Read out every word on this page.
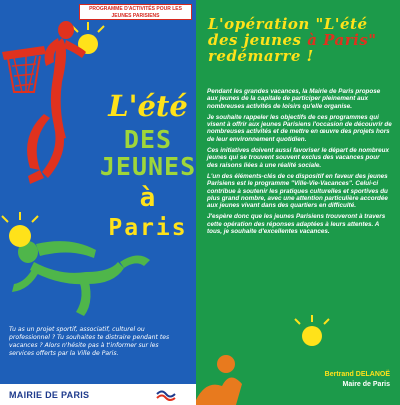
PROGRAMME D'ACTIVITÉS POUR LES JEUNES PARISIENS
L'été
DES
JEUNES
à
Paris
Tu as un projet sportif, associatif, culturel ou professionnel ? Tu souhaites te distraire pendant tes vacances ? Alors n'hésite pas à t'informer sur les services offerts par la Ville de Paris.
MAIRIE DE PARIS
L'opération "L'été
des jeunes à Paris"
redémarre !

Pendant les grandes vacances, la Mairie de Paris propose aux jeunes de la capitale de participer pleinement aux nombreuses activités de loisirs qu'elle organise.

Je souhaite rappeler les objectifs de ces programmes qui visent à offrir aux jeunes Parisiens l'occasion de découvrir de nombreuses activités et de mettre en œuvre des projets hors de leur environnement quotidien.

Ces initiatives doivent aussi favoriser le départ de nombreux jeunes qui se trouvent souvent exclus des vacances pour des raisons liées à une réalité sociale.

L'un des éléments-clés de ce dispositif en faveur des jeunes Parisiens est le programme "Ville-Vie-Vacances". Celui-ci contribue à soutenir les pratiques culturelles et sportives du plus grand nombre, avec une attention particulière accordée aux jeunes vivant dans des quartiers en difficulté.

J'espère donc que les jeunes Parisiens trouveront à travers cette opération des réponses adaptées à leurs attentes. A tous, je souhaite d'excellentes vacances.

Bertrand DELANOË
Maire de Paris
